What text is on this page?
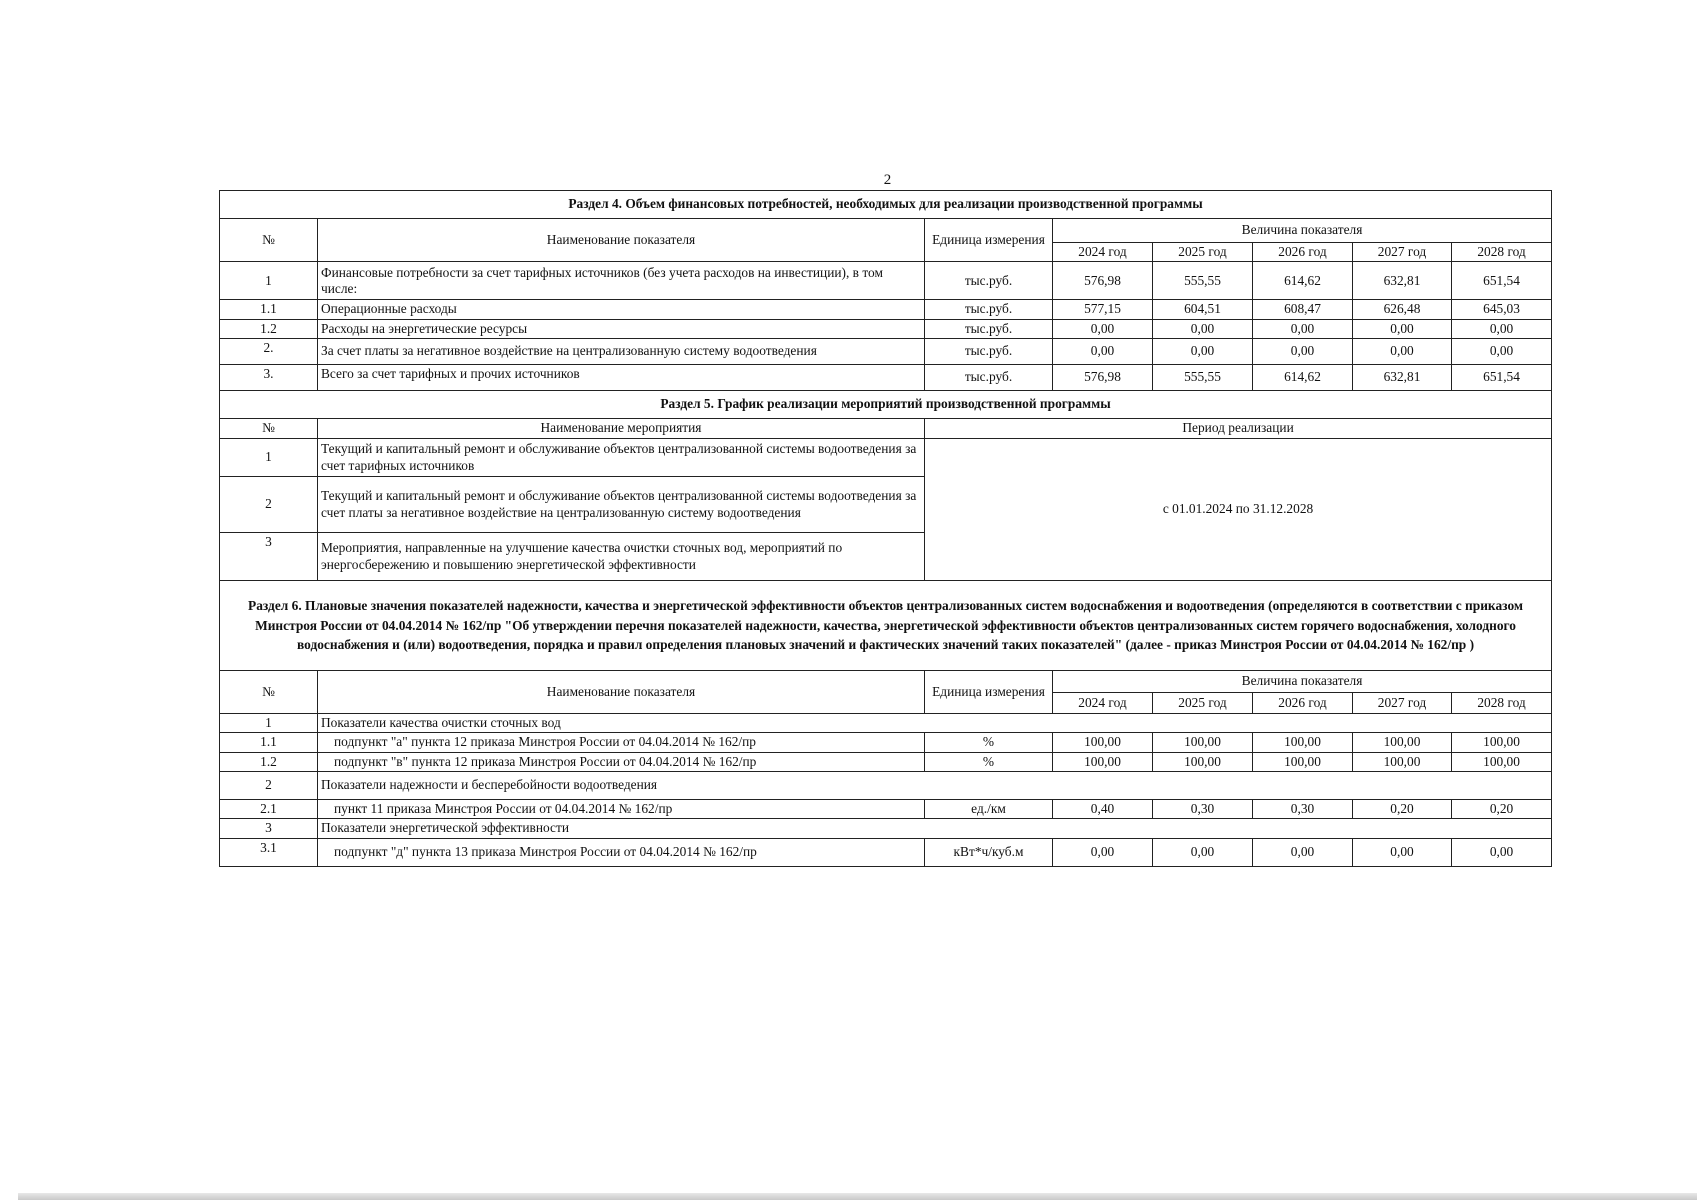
2
Раздел 4. Объем финансовых потребностей, необходимых для реализации производственной программы							
№	Наименование показателя	Единица измерения	Величина показателя				
			2024 год	2025 год	2026 год	2027 год	2028 год
1	Финансовые потребности за счет тарифных источников (без учета расходов на инвестиции), в том числе:	тыс.руб.	576,98	555,55	614,62	632,81	651,54
1.1	Операционные расходы	тыс.руб.	577,15	604,51	608,47	626,48	645,03
1.2	Расходы на энергетические ресурсы	тыс.руб.	0,00	0,00	0,00	0,00	0,00
2.	За счет платы за негативное воздействие на централизованную систему водоотведения	тыс.руб.	0,00	0,00	0,00	0,00	0,00
3.	Всего за счет тарифных и прочих источников	тыс.руб.	576,98	555,55	614,62	632,81	651,54
Раздел 5. График реализации мероприятий производственной программы							
№	Наименование мероприятия	Период реализации					
1	Текущий и капитальный ремонт и обслуживание объектов централизованной системы водоотведения за счет тарифных источников	с 01.01.2024 по 31.12.2028					
2	Текущий и капитальный ремонт и обслуживание объектов централизованной системы водоотведения за счет платы за негативное воздействие на централизованную систему водоотведения						
3	Мероприятия, направленные на улучшение качества очистки сточных вод, мероприятий по энергосбережению и повышению энергетической эффективности						
Раздел 6. Плановые значения показателей надежности, качества и энергетической эффективности объектов централизованных систем водоснабжения и водоотведения (определяются в соответствии с приказом Минстроя России от 04.04.2014 № 162/пр "Об утверждении перечня показателей надежности, качества, энергетической эффективности объектов централизованных систем горячего водоснабжения, холодного водоснабжения и (или) водоотведения, порядка и правил определения плановых значений и фактических значений таких показателей" (далее - приказ Минстроя России от 04.04.2014 № 162/пр )							
№	Наименование показателя	Единица измерения	Величина показателя				
			2024 год	2025 год	2026 год	2027 год	2028 год
1	Показатели качества очистки сточных вод						
1.1	подпункт "а" пункта 12 приказа Минстроя России от 04.04.2014 № 162/пр	%	100,00	100,00	100,00	100,00	100,00
1.2	подпункт "в" пункта 12 приказа Минстроя России от 04.04.2014 № 162/пр	%	100,00	100,00	100,00	100,00	100,00
2	Показатели надежности и бесперебойности водоотведения						
2.1	пункт 11 приказа Минстроя России от 04.04.2014 № 162/пр	ед./км	0,40	0,30	0,30	0,20	0,20
3	Показатели энергетической эффективности						
3.1	подпункт "д" пункта 13 приказа Минстроя России от 04.04.2014 № 162/пр	кВт*ч/куб.м	0,00	0,00	0,00	0,00	0,00
